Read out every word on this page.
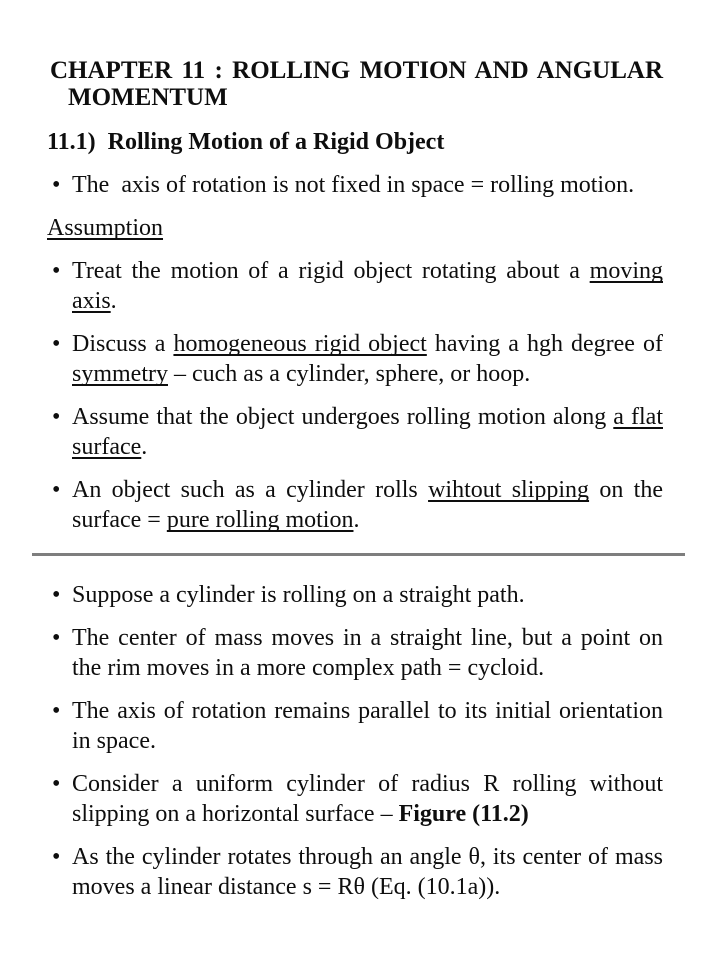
CHAPTER 11 : ROLLING MOTION AND ANGULAR
MOMENTUM
11.1)  Rolling Motion of a Rigid Object
• The  axis of rotation is not fixed in space = rolling motion.
Assumption
• Treat the motion of a rigid object rotating about a moving
axis.
• Discuss a homogeneous rigid object having a hgh degree of
symmetry – cuch as a cylinder, sphere, or hoop.
• Assume that the object undergoes rolling motion along a flat
surface.
• An object such as a cylinder rolls wihtout slipping on the
surface = pure rolling motion.
• Suppose a cylinder is rolling on a straight path.
• The center of mass moves in a straight line, but a point on
the rim moves in a more complex path = cycloid.
• The axis of rotation remains parallel to its initial orientation
in space.
• Consider a uniform cylinder of radius R rolling without
slipping on a horizontal surface – Figure (11.2)
• As the cylinder rotates through an angle θ, its center of mass
moves a linear distance s = Rθ (Eq. (10.1a)).
